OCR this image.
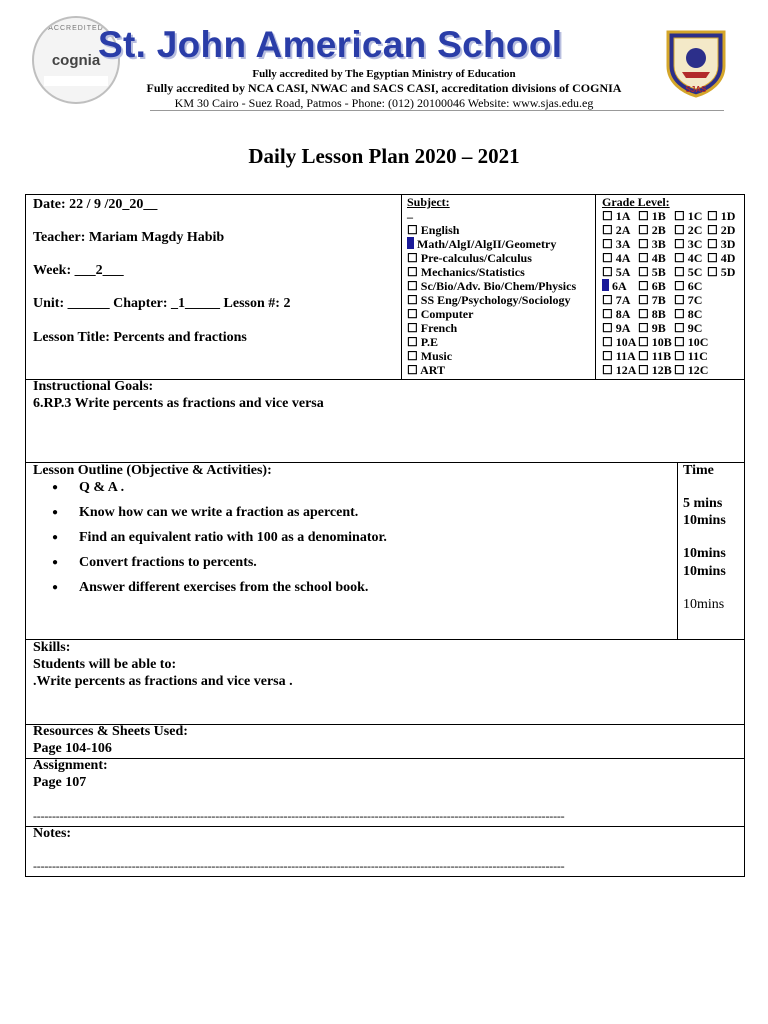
ACCREDITED
cognia
St. John American School
Fully accredited by The Egyptian Ministry of Education
Fully accredited by NCA CASI, NWAC and SACS CASI, accreditation divisions of COGNIA
KM 30 Cairo - Suez Road, Patmos - Phone: (012) 20100046 Website: www.sjas.edu.eg
SJAS
Daily Lesson Plan 2020 – 2021
Date: 22 / 9 /20_20__
Teacher: Mariam Magdy Habib
Week: ___2___
Unit: ______ Chapter: _1_____ Lesson #: 2
Lesson Title: Percents and fractions
Subject:
_
☐ English
Math/AlgI/AlgII/Geometry
☐ Pre-calculus/Calculus
☐ Mechanics/Statistics
☐ Sc/Bio/Adv. Bio/Chem/Physics
☐ SS Eng/Psychology/Sociology
☐ Computer
☐ French
☐ P.E
☐ Music
☐ ART
Grade Level:
☐ 1A ☐ 1B ☐ 1C ☐ 1D
☐ 2A ☐ 2B ☐ 2C ☐ 2D
☐ 3A ☐ 3B ☐ 3C ☐ 3D
☐ 4A ☐ 4B ☐ 4C ☐ 4D
☐ 5A ☐ 5B ☐ 5C ☐ 5D
6A ☐ 6B ☐ 6C
☐ 7A ☐ 7B ☐ 7C
☐ 8A ☐ 8B ☐ 8C
☐ 9A ☐ 9B ☐ 9C
☐ 10A ☐ 10B ☐ 10C
☐ 11A ☐ 11B ☐ 11C
☐ 12A ☐ 12B ☐ 12C
Instructional Goals:
6.RP.3 Write percents as fractions and vice versa
Lesson Outline (Objective & Activities):
● Q & A .
● Know how can we write a fraction as apercent.
● Find an equivalent ratio with 100 as a denominator.
● Convert fractions to percents.
● Answer different exercises from the school book.
Time
5 mins
10mins
10mins
10mins
10mins
Skills:
Students will be able to:
.Write percents as fractions and vice versa .
Resources & Sheets Used:
Page 104-106
Assignment:
Page 107
--------------------------------------------------------------------------------------------------------------------------------------------
Notes:
--------------------------------------------------------------------------------------------------------------------------------------------
